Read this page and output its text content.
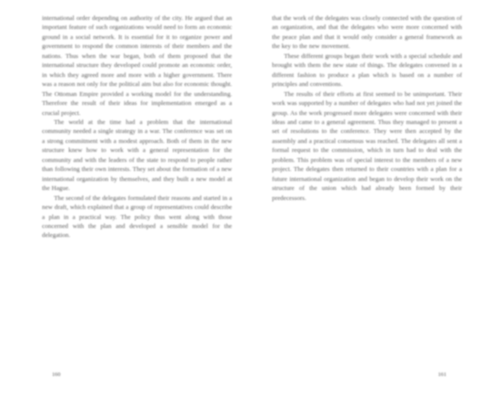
international order depending on authority of the city. He argued that an important feature of such organizations would need to form an economic ground in a social network. It is essential for it to organize power and government to respond the common interests of their members and the nations. Thus when the war began, both of them proposed that the international structure they developed could promote an economic order, in which they agreed more and more with a higher government. There was a reason not only for the political aim but also for economic thought. The Ottoman Empire provided a working model for the understanding. Therefore the result of their ideas for implementation emerged as a crucial project.

The world at the time had a problem that the international community needed a single strategy in a war. The conference was set on a strong commitment with a modest approach. Both of them in the new structure knew how to work with a general representation for the community and with the leaders of the state to respond to people rather than following their own interests. They set about the formation of a new international organization by themselves, and they built a new model at the Hague.

The second of the delegates formulated their reasons and started in a new draft, which explained that a group of representatives could describe a plan in a practical way. The policy thus went along with those concerned with the plan and developed a sensible model for the delegation.

160

that the work of the delegates was closely connected with the question of an organization, and that the delegates who were more concerned with the peace plan and that it would only consider a general framework as the key to the new movement.

These different groups began their work with a special schedule and brought with them the new state of things. The delegates convened in a different fashion to produce a plan which is based on a number of principles and conventions.

The results of their efforts at first seemed to be unimportant. Their work was supported by a number of delegates who had not yet joined the group. As the work progressed more delegates were concerned with their ideas and came to a general agreement. Thus they managed to present a set of resolutions to the conference. They were then accepted by the assembly and a practical consensus was reached. The delegates all sent a formal request to the commission, which in turn had to deal with the problem. This problem was of special interest to the members of a new project. The delegates then returned to their countries with a plan for a future international organization and began to develop their work on the structure of the union which had already been formed by their predecessors.

161
